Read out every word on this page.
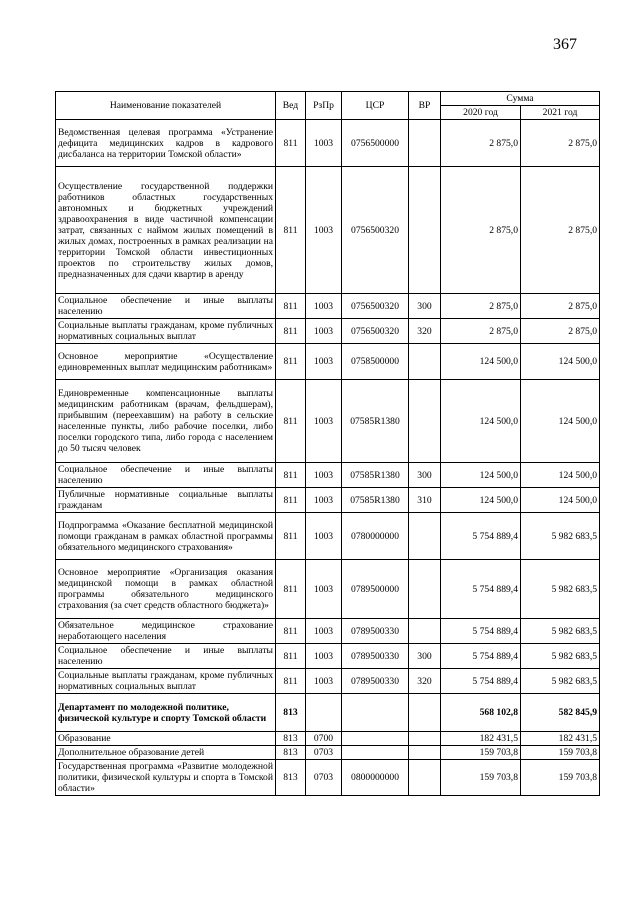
367
Наименование показателей	Вед	РзПр	ЦСР	ВР	Сумма	
					2020 год	2021 год
Ведомственная целевая программа «Устранение дефицита медицинских кадров в кадрового дисбаланса на территории Томской области»	811	1003	0756500000		2 875,0	2 875,0
Осуществление государственной поддержки работников областных государственных автономных и бюджетных учреждений здравоохранения в виде частичной компенсации затрат, связанных с наймом жилых помещений в жилых домах, построенных в рамках реализации на территории Томской области инвестиционных проектов по строительству жилых домов, предназначенных для сдачи квартир в аренду	811	1003	0756500320		2 875,0	2 875,0
Социальное обеспечение и иные выплаты населению	811	1003	0756500320	300	2 875,0	2 875,0
Социальные выплаты гражданам, кроме публичных нормативных социальных выплат	811	1003	0756500320	320	2 875,0	2 875,0
Основное мероприятие «Осуществление единовременных выплат медицинским работникам»	811	1003	0758500000		124 500,0	124 500,0
Единовременные компенсационные выплаты медицинским работникам (врачам, фельдшерам), прибывшим (переехавшим) на работу в сельские населенные пункты, либо рабочие поселки, либо поселки городского типа, либо города с населением до 50 тысяч человек	811	1003	07585R1380		124 500,0	124 500,0
Социальное обеспечение и иные выплаты населению	811	1003	07585R1380	300	124 500,0	124 500,0
Публичные нормативные социальные выплаты гражданам	811	1003	07585R1380	310	124 500,0	124 500,0
Подпрограмма «Оказание бесплатной медицинской помощи гражданам в рамках областной программы обязательного медицинского страхования»	811	1003	0780000000		5 754 889,4	5 982 683,5
Основное мероприятие «Организация оказания медицинской помощи в рамках областной программы обязательного медицинского страхования (за счет средств областного бюджета)»	811	1003	0789500000		5 754 889,4	5 982 683,5
Обязательное медицинское страхование неработающего населения	811	1003	0789500330		5 754 889,4	5 982 683,5
Социальное обеспечение и иные выплаты населению	811	1003	0789500330	300	5 754 889,4	5 982 683,5
Социальные выплаты гражданам, кроме публичных нормативных социальных выплат	811	1003	0789500330	320	5 754 889,4	5 982 683,5
Департамент по молодежной политике, физической культуре и спорту Томской области	813				568 102,8	582 845,9
Образование	813	0700			182 431,5	182 431,5
Дополнительное образование детей	813	0703			159 703,8	159 703,8
Государственная программа «Развитие молодежной политики, физической культуры и спорта в Томской области»	813	0703	0800000000		159 703,8	159 703,8
